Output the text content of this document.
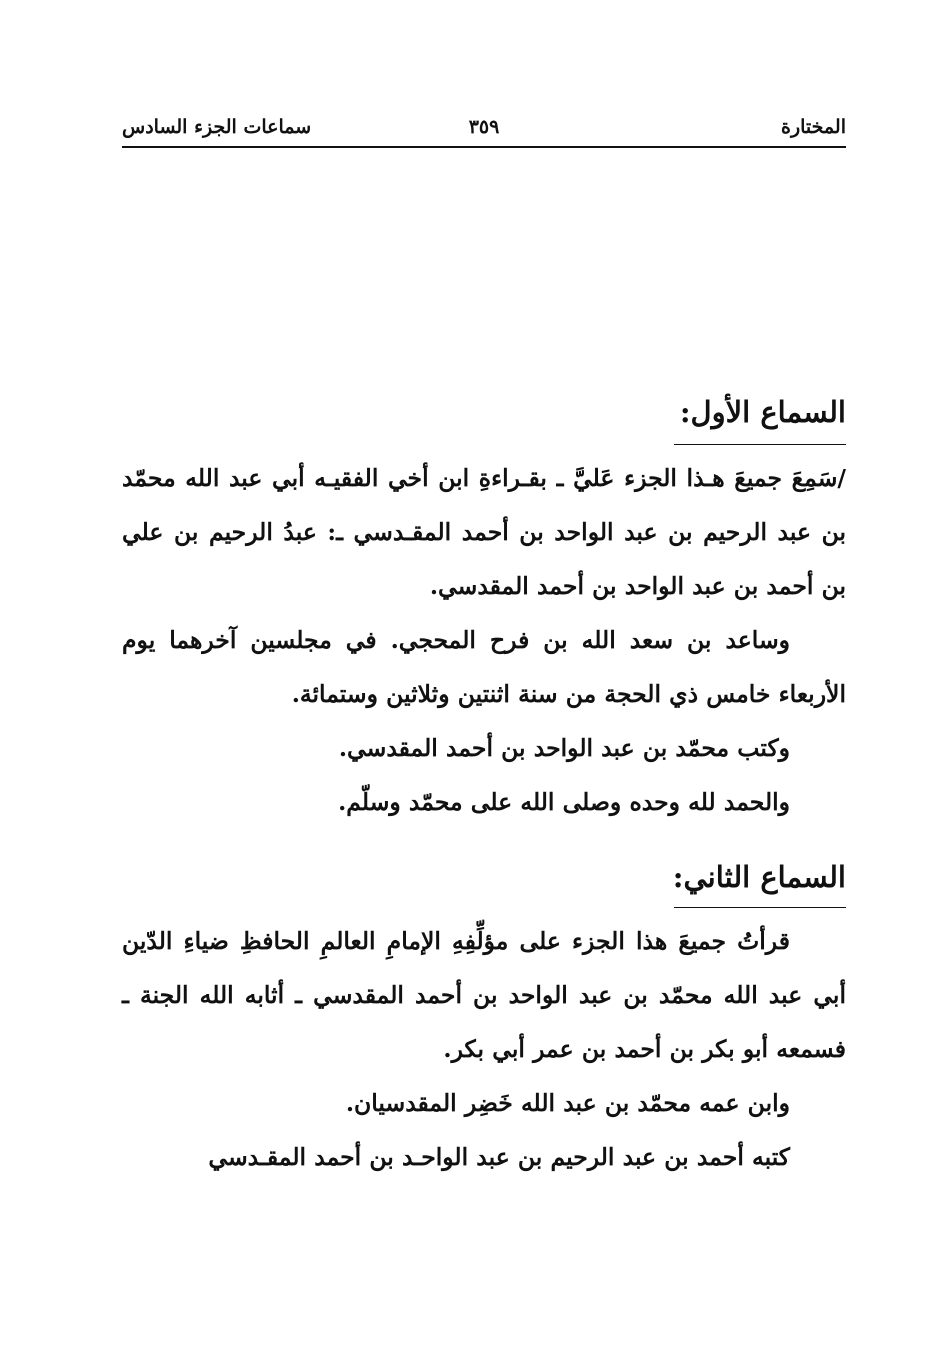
المختارة
٣٥٩
سماعات الجزء السادس
السماع الأول:

/سَمِعَ جميعَ هـذا الجزء عَليَّ ـ بقـراءةِ ابن أخي الفقيـه أبي عبد الله محمّد بن عبد الرحيم بن عبد الواحد بن أحمد المقـدسي ـ: عبدُ الرحيم بن علي بن أحمد بن عبد الواحد بن أحمد المقدسي.

وساعد بن سعد الله بن فرح المحجي. في مجلسين آخرهما يوم الأربعاء خامس ذي الحجة من سنة اثنتين وثلاثين وستمائة.

وكتب محمّد بن عبد الواحد بن أحمد المقدسي.

والحمد لله وحده وصلى الله على محمّد وسلّم.

السماع الثاني:

قرأتُ جميعَ هذا الجزء على مؤلِّفِهِ الإمامِ العالمِ الحافظِ ضياءِ الدّين أبي عبد الله محمّد بن عبد الواحد بن أحمد المقدسي ـ أثابه الله الجنة ـ فسمعه أبو بكر بن أحمد بن عمر أبي بكر.

وابن عمه محمّد بن عبد الله خَضِر المقدسيان.

كتبه أحمد بن عبد الرحيم بن عبد الواحـد بن أحمد المقـدسي
